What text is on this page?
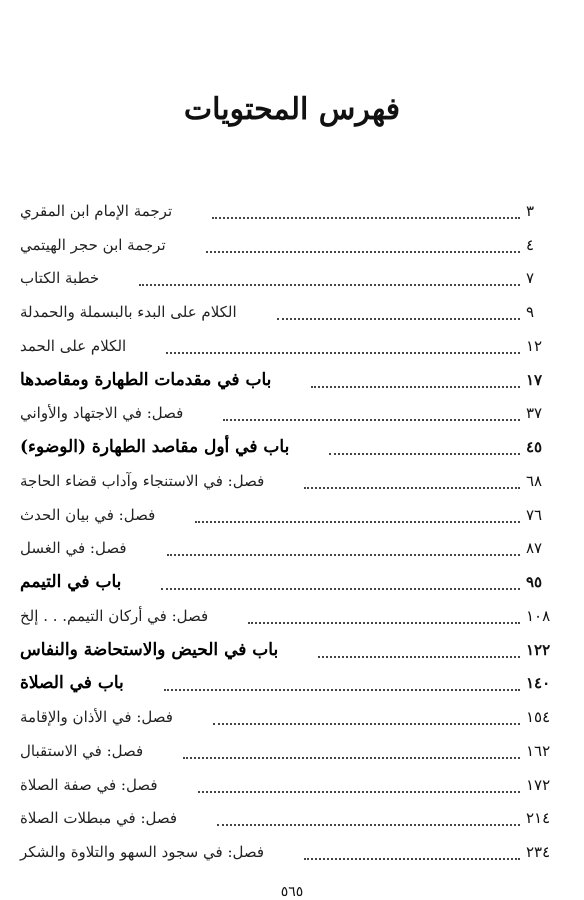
فهرس المحتويات
ترجمة الإمام ابن المقري	٣
ترجمة ابن حجر الهيتمي	٤
خطبة الكتاب	٧
الكلام على البدء بالبسملة والحمدلة	٩
الكلام على الحمد	١٢
باب في مقدمات الطهارة ومقاصدها	١٧
فصل: في الاجتهاد والأواني	٣٧
باب في أول مقاصد الطهارة (الوضوء)	٤٥
فصل: في الاستنجاء وآداب قضاء الحاجة	٦٨
فصل: في بيان الحدث	٧٦
فصل: في الغسل	٨٧
باب في التيمم	٩٥
فصل: في أركان التيمم. . . إلخ	١٠٨
باب في الحيض والاستحاضة والنفاس	١٢٢
باب في الصلاة	١٤٠
فصل: في الأذان والإقامة	١٥٤
فصل: في الاستقبال	١٦٢
فصل: في صفة الصلاة	١٧٢
فصل: في مبطلات الصلاة	٢١٤
فصل: في سجود السهو والتلاوة والشكر	٢٣٤
٥٦٥
